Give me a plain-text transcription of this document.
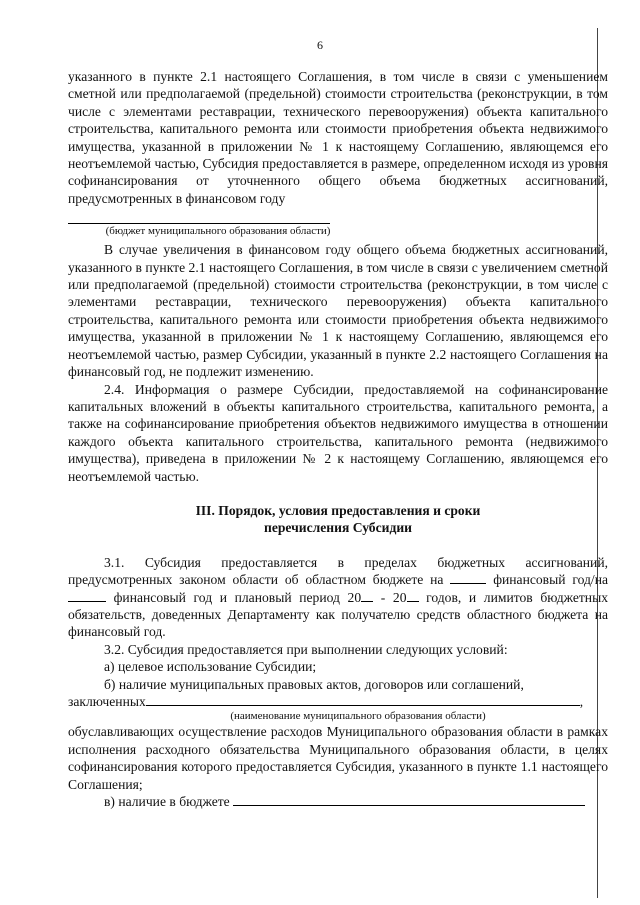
6

указанного в пункте 2.1 настоящего Соглашения, в том числе в связи с уменьшением сметной или предполагаемой (предельной) стоимости строительства (реконструкции, в том числе с элементами реставрации, технического перевооружения) объекта капитального строительства, капитального ремонта или стоимости приобретения объекта недвижимого имущества, указанной в приложении № 1 к настоящему Соглашению, являющемся его неотъемлемой частью, Субсидия предоставляется в размере, определенном исходя из уровня софинансирования от уточненного общего объема бюджетных ассигнований, предусмотренных в финансовом году

(бюджет муниципального образования области)

В случае увеличения в финансовом году общего объема бюджетных ассигнований, указанного в пункте 2.1 настоящего Соглашения, в том числе в связи с увеличением сметной или предполагаемой (предельной) стоимости строительства (реконструкции, в том числе с элементами реставрации, технического перевооружения) объекта капитального строительства, капитального ремонта или стоимости приобретения объекта недвижимого имущества, указанной в приложении № 1 к настоящему Соглашению, являющемся его неотъемлемой частью, размер Субсидии, указанный в пункте 2.2 настоящего Соглашения на финансовый год, не подлежит изменению.

2.4. Информация о размере Субсидии, предоставляемой на софинансирование капитальных вложений в объекты капитального строительства, капитального ремонта, а также на софинансирование приобретения объектов недвижимого имущества в отношении каждого объекта капитального строительства, капитального ремонта (недвижимого имущества), приведена в приложении № 2 к настоящему Соглашению, являющемся его неотъемлемой частью.

III. Порядок, условия предоставления и сроки
перечисления Субсидии

3.1. Субсидия предоставляется в пределах бюджетных ассигнований, предусмотренных законом области об областном бюджете на	финансовый год/на  финансовый год и плановый период 20 - 20 годов, и лимитов бюджетных обязательств, доведенных Департаменту как получателю средств областного бюджета на финансовый год.

3.2. Субсидия предоставляется при выполнении следующих условий:

а) целевое использование Субсидии;

б) наличие муниципальных правовых актов, договоров или соглашений,

заключенных	,

(наименование муниципального образования области)

обуславливающих осуществление расходов Муниципального образования области в рамках исполнения расходного обязательства Муниципального образования области, в целях софинансирования которого предоставляется Субсидия, указанного в пункте 1.1 настоящего Соглашения;

в) наличие в бюджете
